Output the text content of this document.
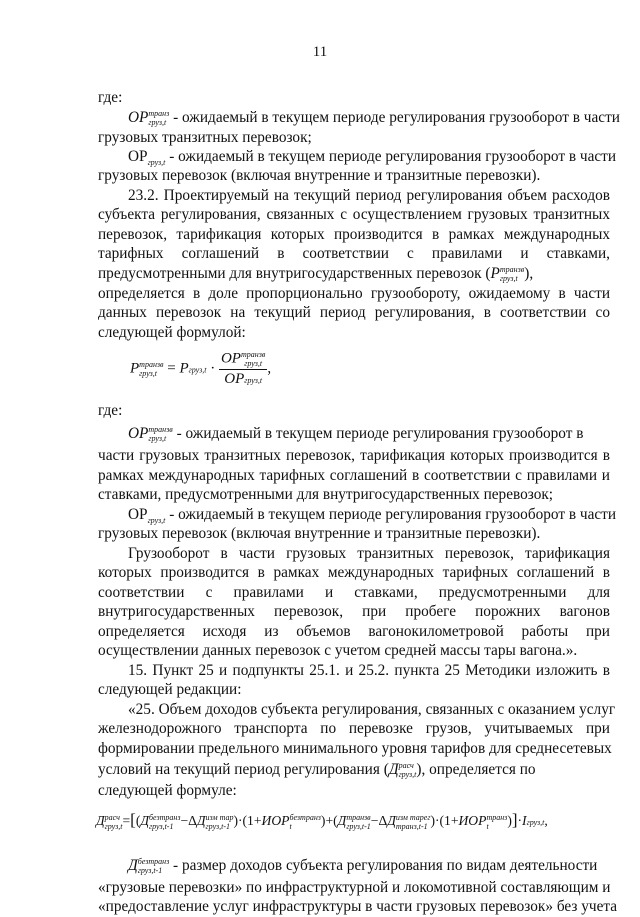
11
где:
ОР транз
груз,t - ожидаемый в текущем периоде регулирования грузооборот в части
грузовых транзитных перевозок;
$ОР_{груз,t}$ - ожидаемый в текущем периоде регулирования грузооборот в части
грузовых перевозок (включая внутренние и транзитные перевозки).
23.2. Проектируемый на текущий период регулирования объем расходов
субъекта регулирования, связанных с осуществлением грузовых транзитных
перевозок, тарификация которых производится в рамках международных
тарифных соглашений в соответствии с правилами и ставками,
предусмотренными для внутригосударственных перевозок (Р транзв
груз,t ),
определяется в доле пропорционально грузообороту, ожидаемому в части
данных перевозок на текущий период регулирования, в соответствии со
следующей формулой:
Р транзв
груз,t = Ргруз,t · ОР транзв
груз,t
ОРгруз,t ,
где:
ОР транзв
груз,t - ожидаемый в текущем периоде регулирования грузооборот в
части грузовых транзитных перевозок, тарификация которых производится в
рамках международных тарифных соглашений в соответствии с правилами и
ставками, предусмотренными для внутригосударственных перевозок;
$ОР_{груз,t}$ - ожидаемый в текущем периоде регулирования грузооборот в части
грузовых перевозок (включая внутренние и транзитные перевозки).
Грузооборот в части грузовых транзитных перевозок, тарификация
которых производится в рамках международных тарифных соглашений в
соответствии с правилами и ставками, предусмотренными для
внутригосударственных перевозок, при пробеге порожних вагонов
определяется исходя из объемов вагонокилометровой работы при
осуществлении данных перевозок с учетом средней массы тары вагона.».
15. Пункт 25 и подпункты 25.1. и 25.2. пункта 25 Методики изложить в
следующей редакции:
«25. Объем доходов субъекта регулирования, связанных с оказанием услуг
железнодорожного транспорта по перевозке грузов, учитываемых при
формировании предельного минимального уровня тарифов для среднесетевых
условий на текущий период регулирования (Д расч
груз,t ), определяется по
следующей формуле:
Д расч
груз,t =[(Д безтранз
груз,t-1 −ΔД изм тар
груз,t-1 )·(1+ИОР безтранз
t	)+(Д транзв
груз,t-1 −ΔД изм тарег
транз,t-1 )·(1+ИОР транз
t	)]·Iгруз,t,
Д безтранз
груз,t-1 - размер доходов субъекта регулирования по видам деятельности
«грузовые перевозки» по инфраструктурной и локомотивной составляющим и
«предоставление услуг инфраструктуры в части грузовых перевозок» без учета
